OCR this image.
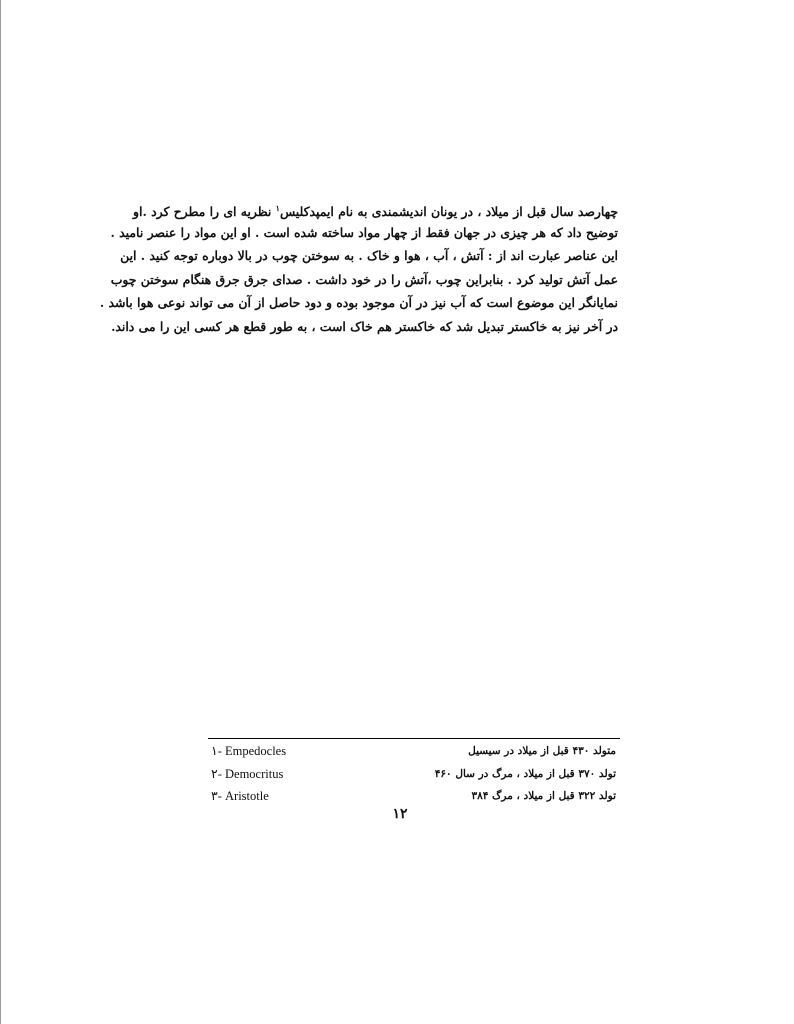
چهارصد سال قبل از میلاد ، در یونان اندیشمندی به نام ایمپدکلیس$^۱$ نظریه ای را مطرح کرد .او
توضیح داد که هر چیزی در جهان فقط از چهار مواد ساخته شده است . او این مواد را عنصر نامید .
این عناصر عبارت اند از : آتش ، آب ، هوا و خاک . به سوختن چوب در بالا دوباره توجه کنید . این
عمل آتش تولید کرد . بنابراین چوب ،آتش را در خود داشت . صدای جرق جرق هنگام سوختن چوب
نمایانگر این موضوع است که آب نیز در آن موجود بوده و دود حاصل از آن می تواند نوعی هوا باشد .
در آخر نیز به خاکستر تبدیل شد که خاکستر هم خاک است ، به طور قطع هر کسی این را می داند.
۱- Empedocles	متولد ۴۳۰ قبل از میلاد در سیسیل
۲- Democritus	تولد ۳۷۰ قبل از میلاد ، مرگ در سال ۴۶۰
۳- Aristotle	تولد ۳۲۲ قبل از میلاد ، مرگ ۳۸۴
۱۲
